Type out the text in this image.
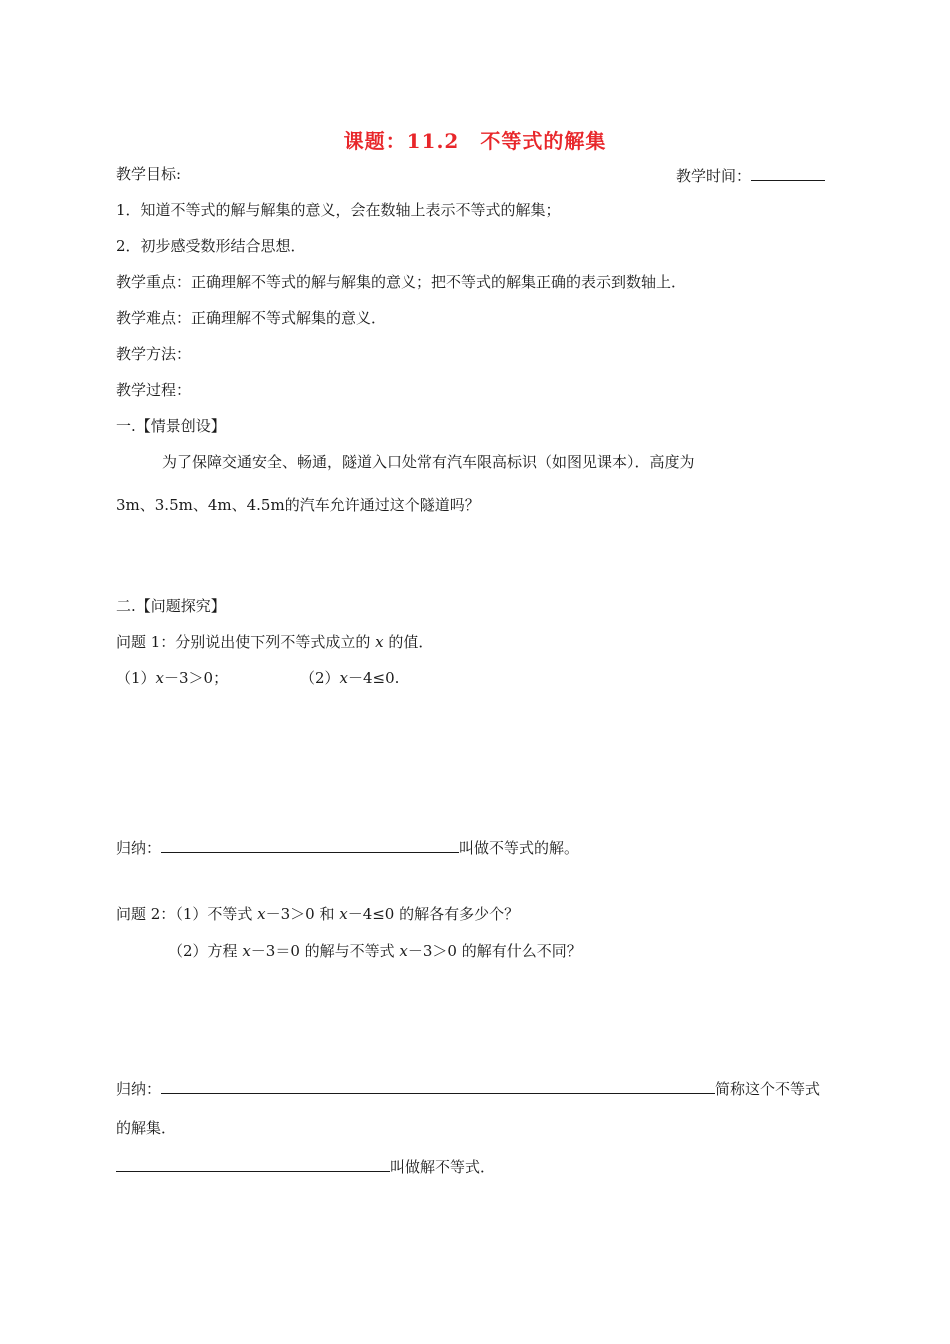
课题：11.2　不等式的解集
教学目标:	教学时间：
1．知道不等式的解与解集的意义，会在数轴上表示不等式的解集；
2．初步感受数形结合思想．
教学重点：正确理解不等式的解与解集的意义；把不等式的解集正确的表示到数轴上．
教学难点：正确理解不等式解集的意义．
教学方法：
教学过程：
一.【情景创设】
为了保障交通安全、畅通，隧道入口处常有汽车限高标识（如图见课本）．高度为
3m、3.5m、4m、4.5m的汽车允许通过这个隧道吗？
二.【问题探究】
问题 1：分别说出使下列不等式成立的 x 的值．
（1）x－3＞0；	（2）x－4≤0.
归纳：	叫做不等式的解。
问题 2：（1）不等式 x－3＞0 和 x－4≤0 的解各有多少个？
（2）方程 x－3＝0 的解与不等式 x－3＞0 的解有什么不同？
归纳：	简称这个不等式
的解集．
叫做解不等式．
